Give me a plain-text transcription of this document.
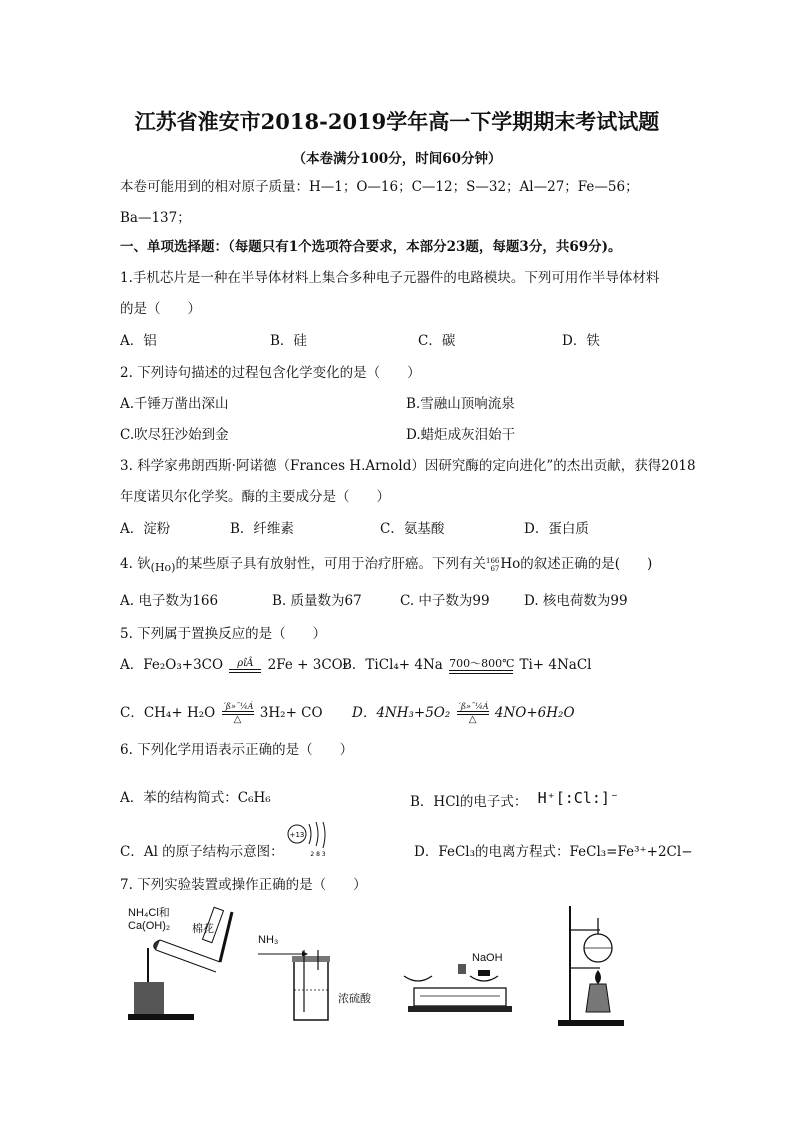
江苏省淮安市2018-2019学年高一下学期期末考试试题
（本卷满分100分，时间60分钟）
本卷可能用到的相对原子质量：H—1；O—16；C—12；S—32；Al—27；Fe—56；
Ba—137；
一、单项选择题：（每题只有1个选项符合要求，本部分23题，每题3分，共69分)。
1.手机芯片是一种在半导体材料上集合多种电子元器件的电路模块。下列可用作半导体材料
的是（　　）
A．铝	B．硅	C．碳	D．铁
2. 下列诗句描述的过程包含化学变化的是（　　）
A.千锤万凿出深山	B.雪融山顶响流泉
C.吹尽狂沙始到金	D.蜡炬成灰泪始干
3. 科学家弗朗西斯·阿诺德（Frances H.Arnold）因研究酶的定向进化”的杰出贡献，获得2018
年度诺贝尔化学奖。酶的主要成分是（　　）
A．淀粉	B．纤维素	C．氨基酸	D．蛋白质
4. 钬$_{(Ho)}$的某些原子具有放射性，可用于治疗肝癌。下列有关 166
67 Ho的叙述正确的是(　　)
A. 电子数为166	B. 质量数为67	C. 中子数为99	D. 核电荷数为99
5. 下列属于置换反应的是（　　）
A．Fe₂O₃+3CO	ρîÂ	2Fe + 3CO₂
B．TiCl₄+ 4Na 700～800℃ Ti+ 4NaCl
C．CH₄+ H₂O ´ß»¯¼Á
△	3H₂+ CO D．4NH₃+5O₂ ´ß»¯¼Á
△	4NO+6H₂O
6. 下列化学用语表示正确的是（　　）
A．苯的结构简式：C₆H₆	B．HCl的电子式： H⁺[:Cl:]⁻
C．Al 的原子结构示意图：
+13
2 8 3	D．FeCl₃的电离方程式：FeCl₃=Fe³⁺+2Cl−
7. 下列实验装置或操作正确的是（　　）
NH₄Cl和
Ca(OH)₂ 棉花
NH₃
浓硫酸
NaOH
